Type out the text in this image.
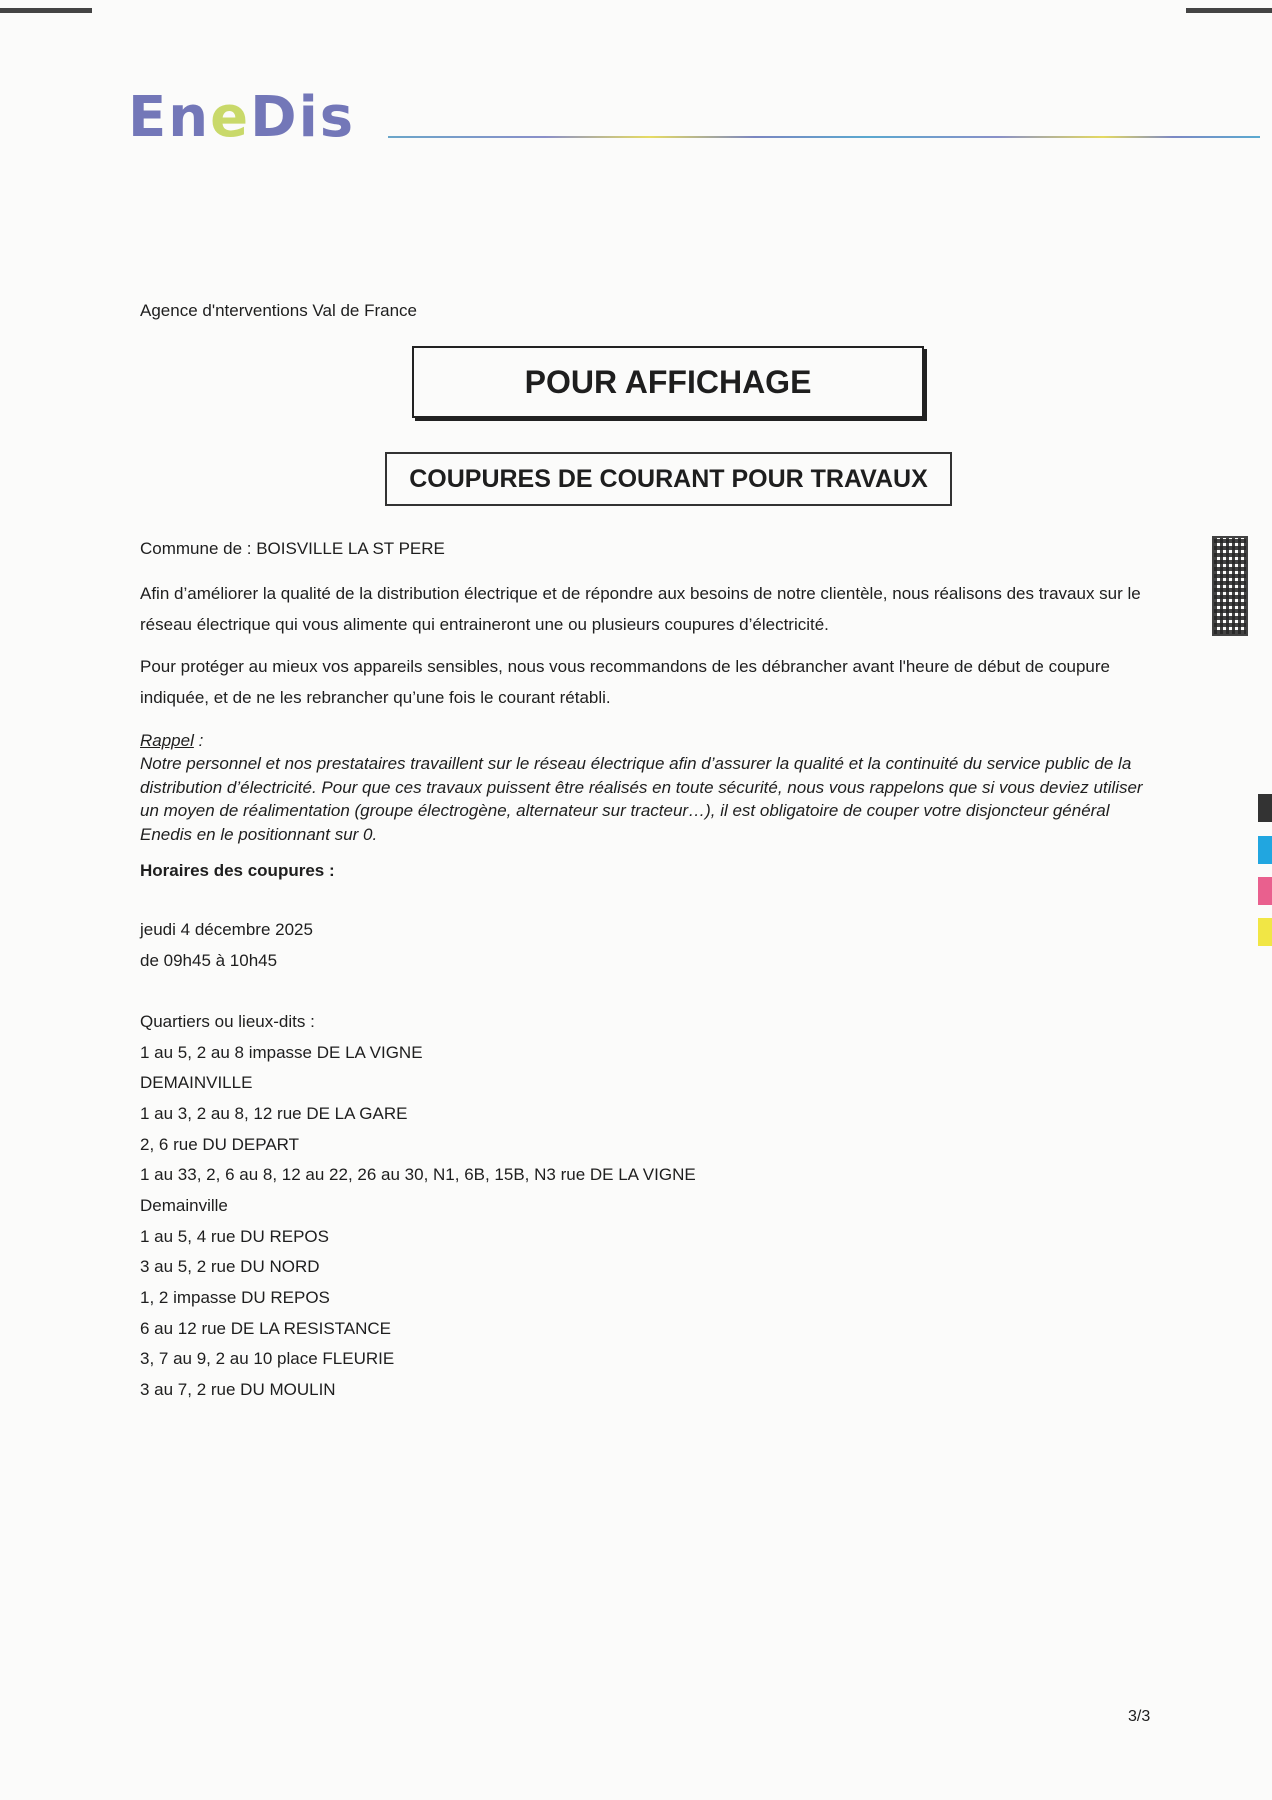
EneDis
Agence d'nterventions Val de France
POUR AFFICHAGE
COUPURES DE COURANT POUR TRAVAUX
Commune de : BOISVILLE LA ST PERE
Afin d’améliorer la qualité de la distribution électrique et de répondre aux besoins de notre clientèle, nous réalisons des travaux sur le réseau électrique qui vous alimente qui entraineront une ou plusieurs coupures d’électricité.
Pour protéger au mieux vos appareils sensibles, nous vous recommandons de les débrancher avant l'heure de début de coupure indiquée, et de ne les rebrancher qu’une fois le courant rétabli.
Rappel :
Notre personnel et nos prestataires travaillent sur le réseau électrique afin d’assurer la qualité et la continuité du service public de la distribution d’électricité. Pour que ces travaux puissent être réalisés en toute sécurité, nous vous rappelons que si vous deviez utiliser un moyen de réalimentation (groupe électrogène, alternateur sur tracteur…), il est obligatoire de couper votre disjoncteur général Enedis en le positionnant sur 0.
Horaires des coupures :
jeudi 4 décembre 2025
de 09h45 à 10h45
Quartiers ou lieux-dits :
1 au 5, 2 au 8 impasse DE LA VIGNE
DEMAINVILLE
1 au 3, 2 au 8, 12 rue DE LA GARE
2, 6 rue DU DEPART
1 au 33, 2, 6 au 8, 12 au 22, 26 au 30, N1, 6B, 15B, N3 rue DE LA VIGNE
Demainville
1 au 5, 4 rue DU REPOS
3 au 5, 2 rue DU NORD
1, 2 impasse DU REPOS
6 au 12 rue DE LA RESISTANCE
3, 7 au 9, 2 au 10 place FLEURIE
3 au 7, 2 rue DU MOULIN
3/3
